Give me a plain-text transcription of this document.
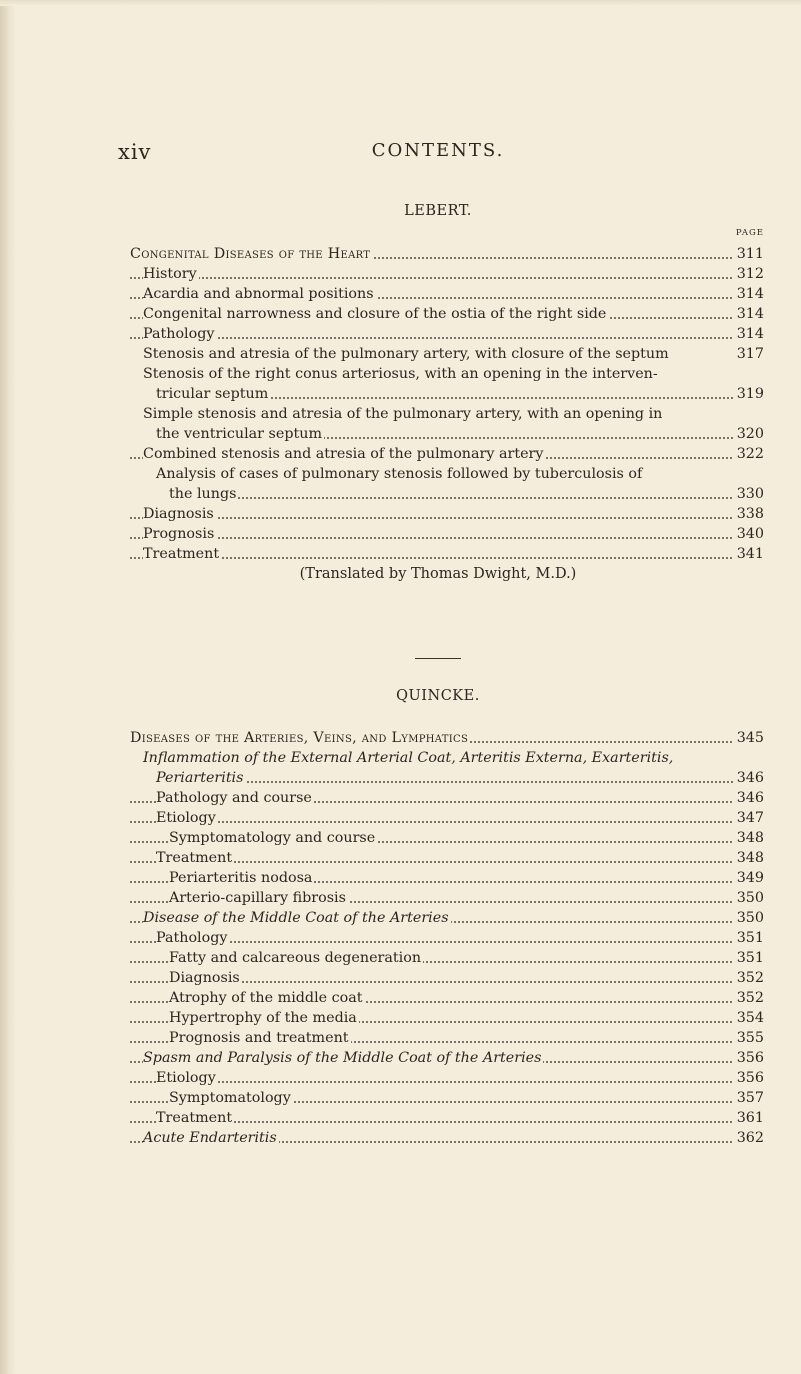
xiv	CONTENTS.
LEBERT.
PAGE
Congenital Diseases of the Heart	311
History	312
Acardia and abnormal positions	314
Congenital narrowness and closure of the ostia of the right side	314
Pathology	314
Stenosis and atresia of the pulmonary artery, with closure of the septum	317
Stenosis of the right conus arteriosus, with an opening in the interven-
tricular septum	319
Simple stenosis and atresia of the pulmonary artery, with an opening in
the ventricular septum	320
Combined stenosis and atresia of the pulmonary artery	322
Analysis of cases of pulmonary stenosis followed by tuberculosis of
the lungs	330
Diagnosis	338
Prognosis	340
Treatment	341
(Translated by Thomas Dwight, M.D.)
QUINCKE.
Diseases of the Arteries, Veins, and Lymphatics	345
Inflammation of the External Arterial Coat, Arteritis Externa, Exarteritis,
Periarteritis	346
Pathology and course	346
Etiology	347
Symptomatology and course	348
Treatment	348
Periarteritis nodosa	349
Arterio-capillary fibrosis	350
Disease of the Middle Coat of the Arteries	350
Pathology	351
Fatty and calcareous degeneration	351
Diagnosis	352
Atrophy of the middle coat	352
Hypertrophy of the media	354
Prognosis and treatment	355
Spasm and Paralysis of the Middle Coat of the Arteries	356
Etiology	356
Symptomatology	357
Treatment	361
Acute Endarteritis	362
